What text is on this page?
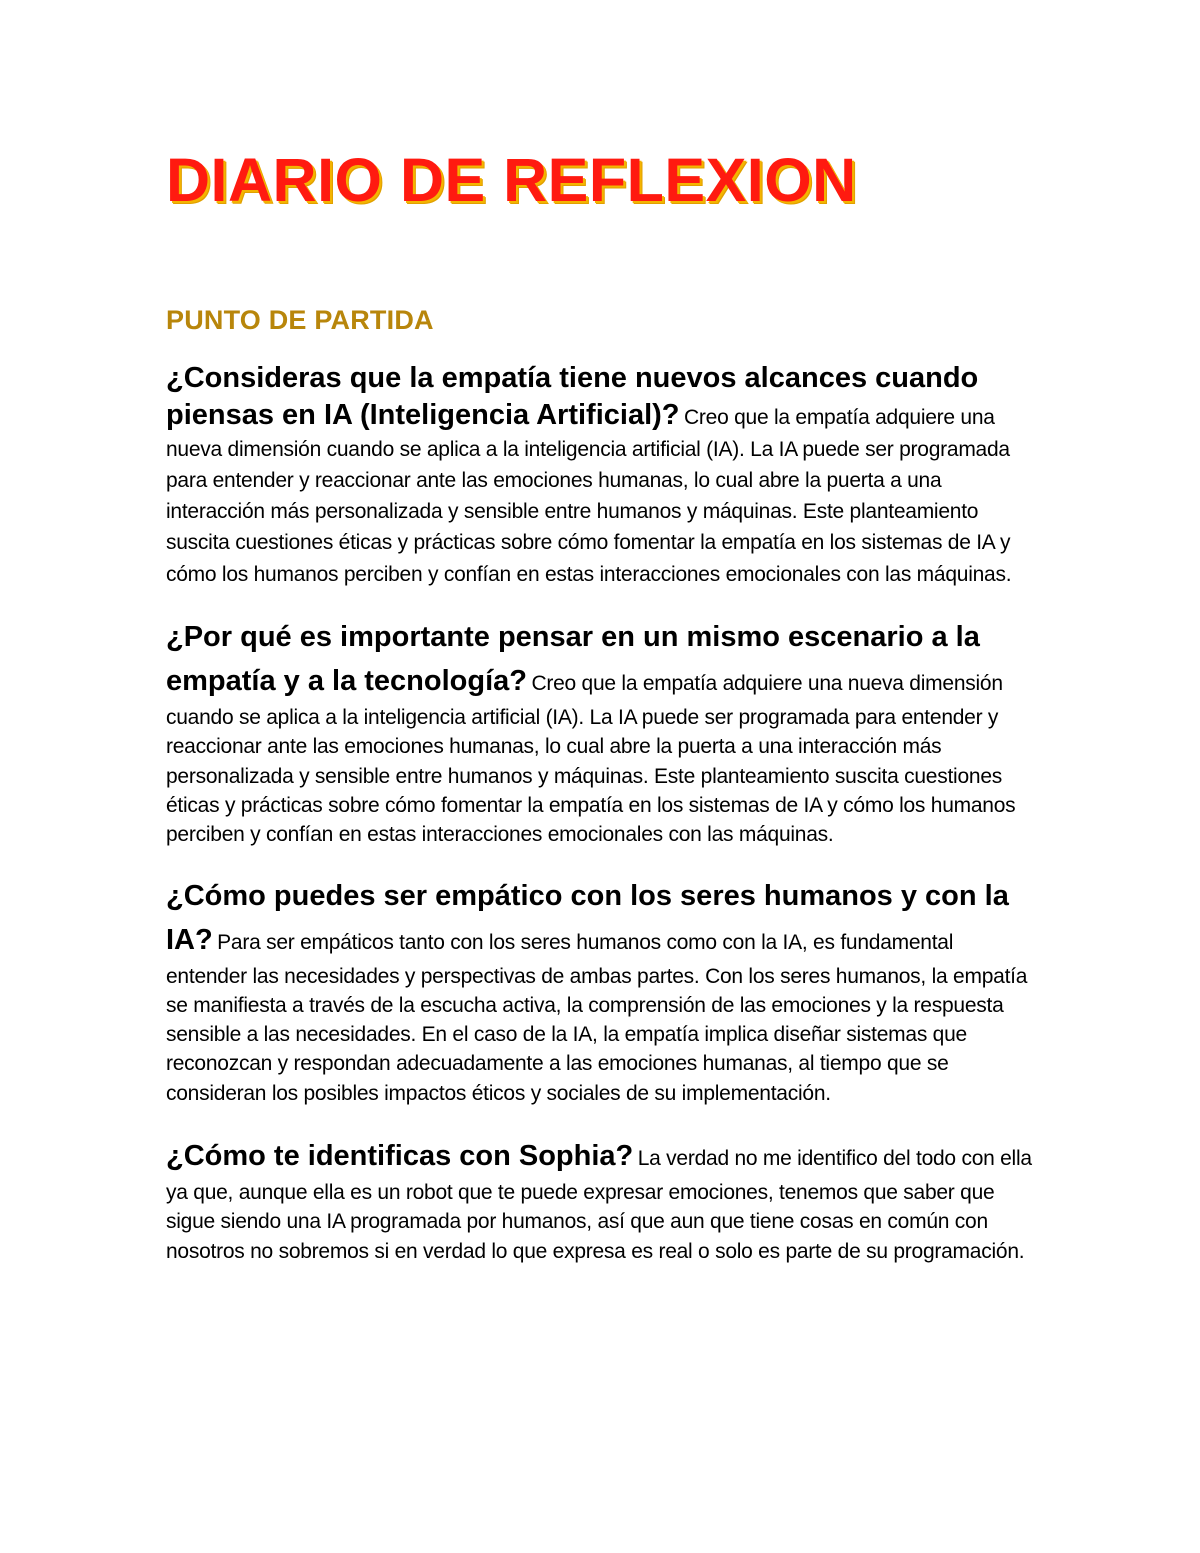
DIARIO DE REFLEXION
PUNTO DE PARTIDA

¿Consideras que la empatía tiene nuevos alcances cuando piensas en IA (Inteligencia Artificial)? Creo que la empatía adquiere una nueva dimensión cuando se aplica a la inteligencia artificial (IA). La IA puede ser programada para entender y reaccionar ante las emociones humanas, lo cual abre la puerta a una interacción más personalizada y sensible entre humanos y máquinas. Este planteamiento suscita cuestiones éticas y prácticas sobre cómo fomentar la empatía en los sistemas de IA y cómo los humanos perciben y confían en estas interacciones emocionales con las máquinas.

¿Por qué es importante pensar en un mismo escenario a la empatía y a la tecnología? Creo que la empatía adquiere una nueva dimensión cuando se aplica a la inteligencia artificial (IA). La IA puede ser programada para entender y reaccionar ante las emociones humanas, lo cual abre la puerta a una interacción más personalizada y sensible entre humanos y máquinas. Este planteamiento suscita cuestiones éticas y prácticas sobre cómo fomentar la empatía en los sistemas de IA y cómo los humanos perciben y confían en estas interacciones emocionales con las máquinas.

¿Cómo puedes ser empático con los seres humanos y con la IA? Para ser empáticos tanto con los seres humanos como con la IA, es fundamental entender las necesidades y perspectivas de ambas partes. Con los seres humanos, la empatía se manifiesta a través de la escucha activa, la comprensión de las emociones y la respuesta sensible a las necesidades. En el caso de la IA, la empatía implica diseñar sistemas que reconozcan y respondan adecuadamente a las emociones humanas, al tiempo que se consideran los posibles impactos éticos y sociales de su implementación.

¿Cómo te identificas con Sophia? La verdad no me identifico del todo con ella ya que, aunque ella es un robot que te puede expresar emociones, tenemos que saber que sigue siendo una IA programada por humanos, así que aun que tiene cosas en común con nosotros no sobremos si en verdad lo que expresa es real o solo es parte de su programación.
